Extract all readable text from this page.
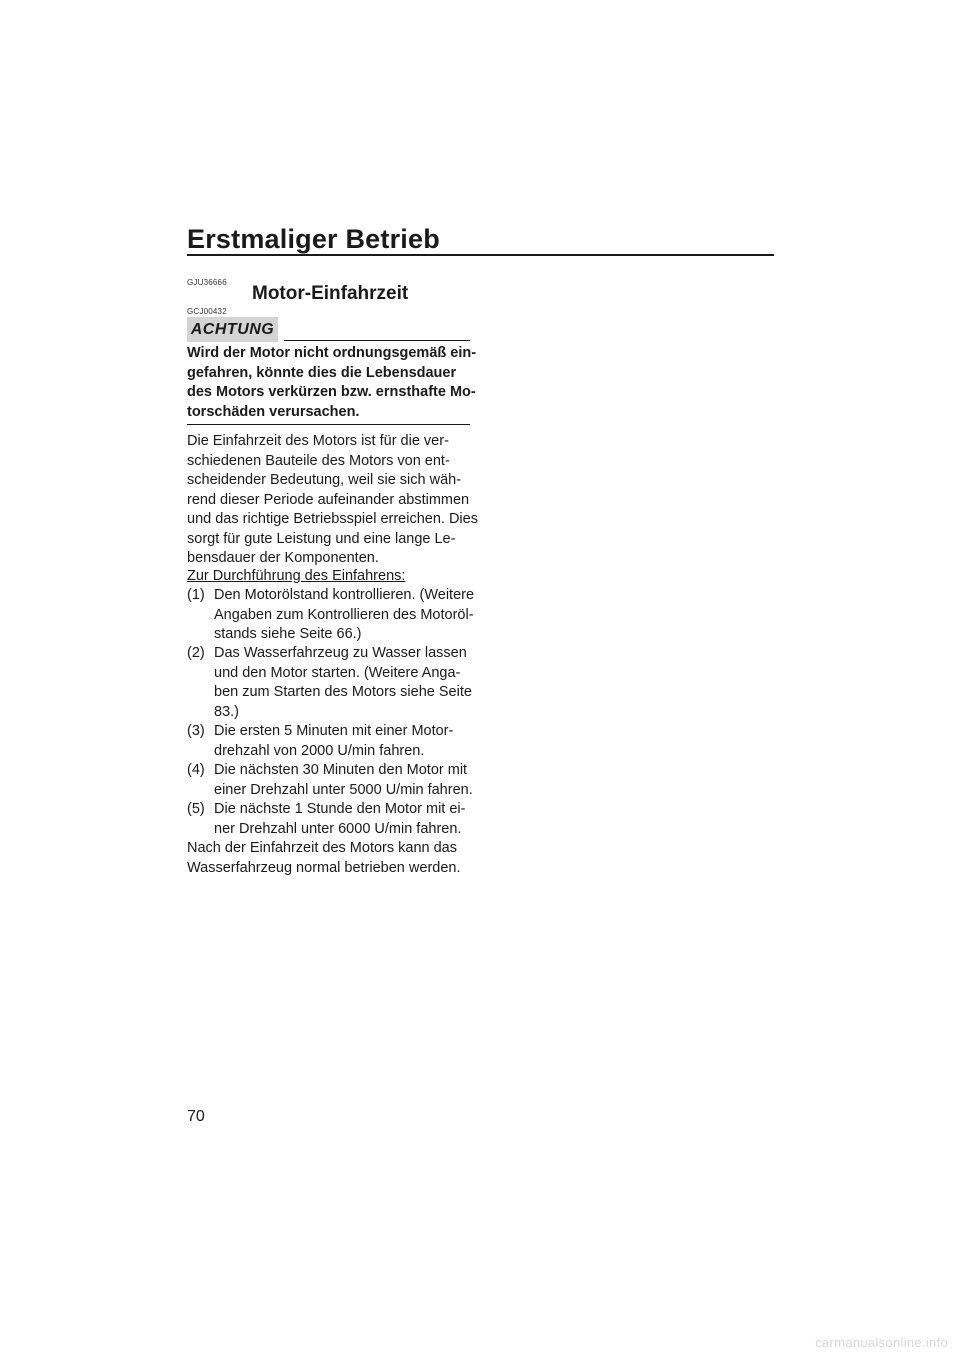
Erstmaliger Betrieb
GJU36666
Motor-Einfahrzeit
GCJ00432
ACHTUNG
Wird der Motor nicht ordnungsgemäß ein-
gefahren, könnte dies die Lebensdauer
des Motors verkürzen bzw. ernsthafte Mo-
torschäden verursachen.
Die Einfahrzeit des Motors ist für die ver-
schiedenen Bauteile des Motors von ent-
scheidender Bedeutung, weil sie sich wäh-
rend dieser Periode aufeinander abstimmen
und das richtige Betriebsspiel erreichen. Dies
sorgt für gute Leistung und eine lange Le-
bensdauer der Komponenten.
Zur Durchführung des Einfahrens:
(1) Den Motorölstand kontrollieren. (Weitere
Angaben zum Kontrollieren des Motoröl-
stands siehe Seite 66.)
(2) Das Wasserfahrzeug zu Wasser lassen
und den Motor starten. (Weitere Anga-
ben zum Starten des Motors siehe Seite
83.)
(3) Die ersten 5 Minuten mit einer Motor-
drehzahl von 2000 U/min fahren.
(4) Die nächsten 30 Minuten den Motor mit
einer Drehzahl unter 5000 U/min fahren.
(5) Die nächste 1 Stunde den Motor mit ei-
ner Drehzahl unter 6000 U/min fahren.
Nach der Einfahrzeit des Motors kann das
Wasserfahrzeug normal betrieben werden.
70
carmanualsonline.info
